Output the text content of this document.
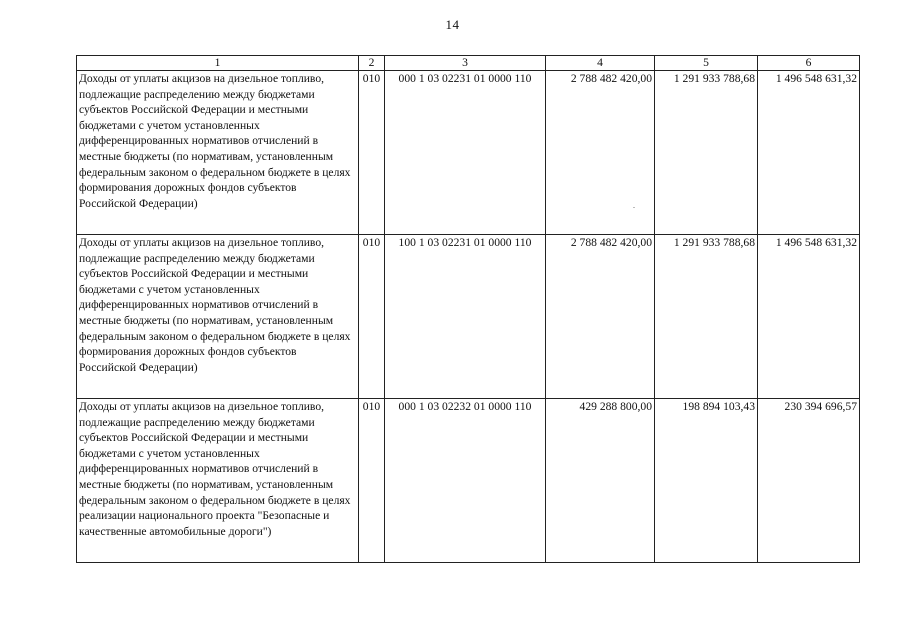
14
1	2	3	4	5	6
Доходы от уплаты акцизов на дизельное топливо, подлежащие распределению между бюджетами субъектов Российской Федерации и местными бюджетами с учетом установленных дифференцированных нормативов отчислений в местные бюджеты (по нормативам, установленным федеральным законом о федеральном бюджете в целях формирования дорожных фондов субъектов Российской Федерации)	010	000 1 03 02231 01 0000 110	2 788 482 420,00	1 291 933 788,68	1 496 548 631,32
Доходы от уплаты акцизов на дизельное топливо, подлежащие распределению между бюджетами субъектов Российской Федерации и местными бюджетами с учетом установленных дифференцированных нормативов отчислений в местные бюджеты (по нормативам, установленным федеральным законом о федеральном бюджете в целях формирования дорожных фондов субъектов Российской Федерации)	010	100 1 03 02231 01 0000 110	2 788 482 420,00	1 291 933 788,68	1 496 548 631,32
Доходы от уплаты акцизов на дизельное топливо, подлежащие распределению между бюджетами субъектов Российской Федерации и местными бюджетами с учетом установленных дифференцированных нормативов отчислений в местные бюджеты (по нормативам, установленным федеральным законом о федеральном бюджете в целях реализации национального проекта "Безопасные и качественные автомобильные дороги")	010	000 1 03 02232 01 0000 110	429 288 800,00	198 894 103,43	230 394 696,57
